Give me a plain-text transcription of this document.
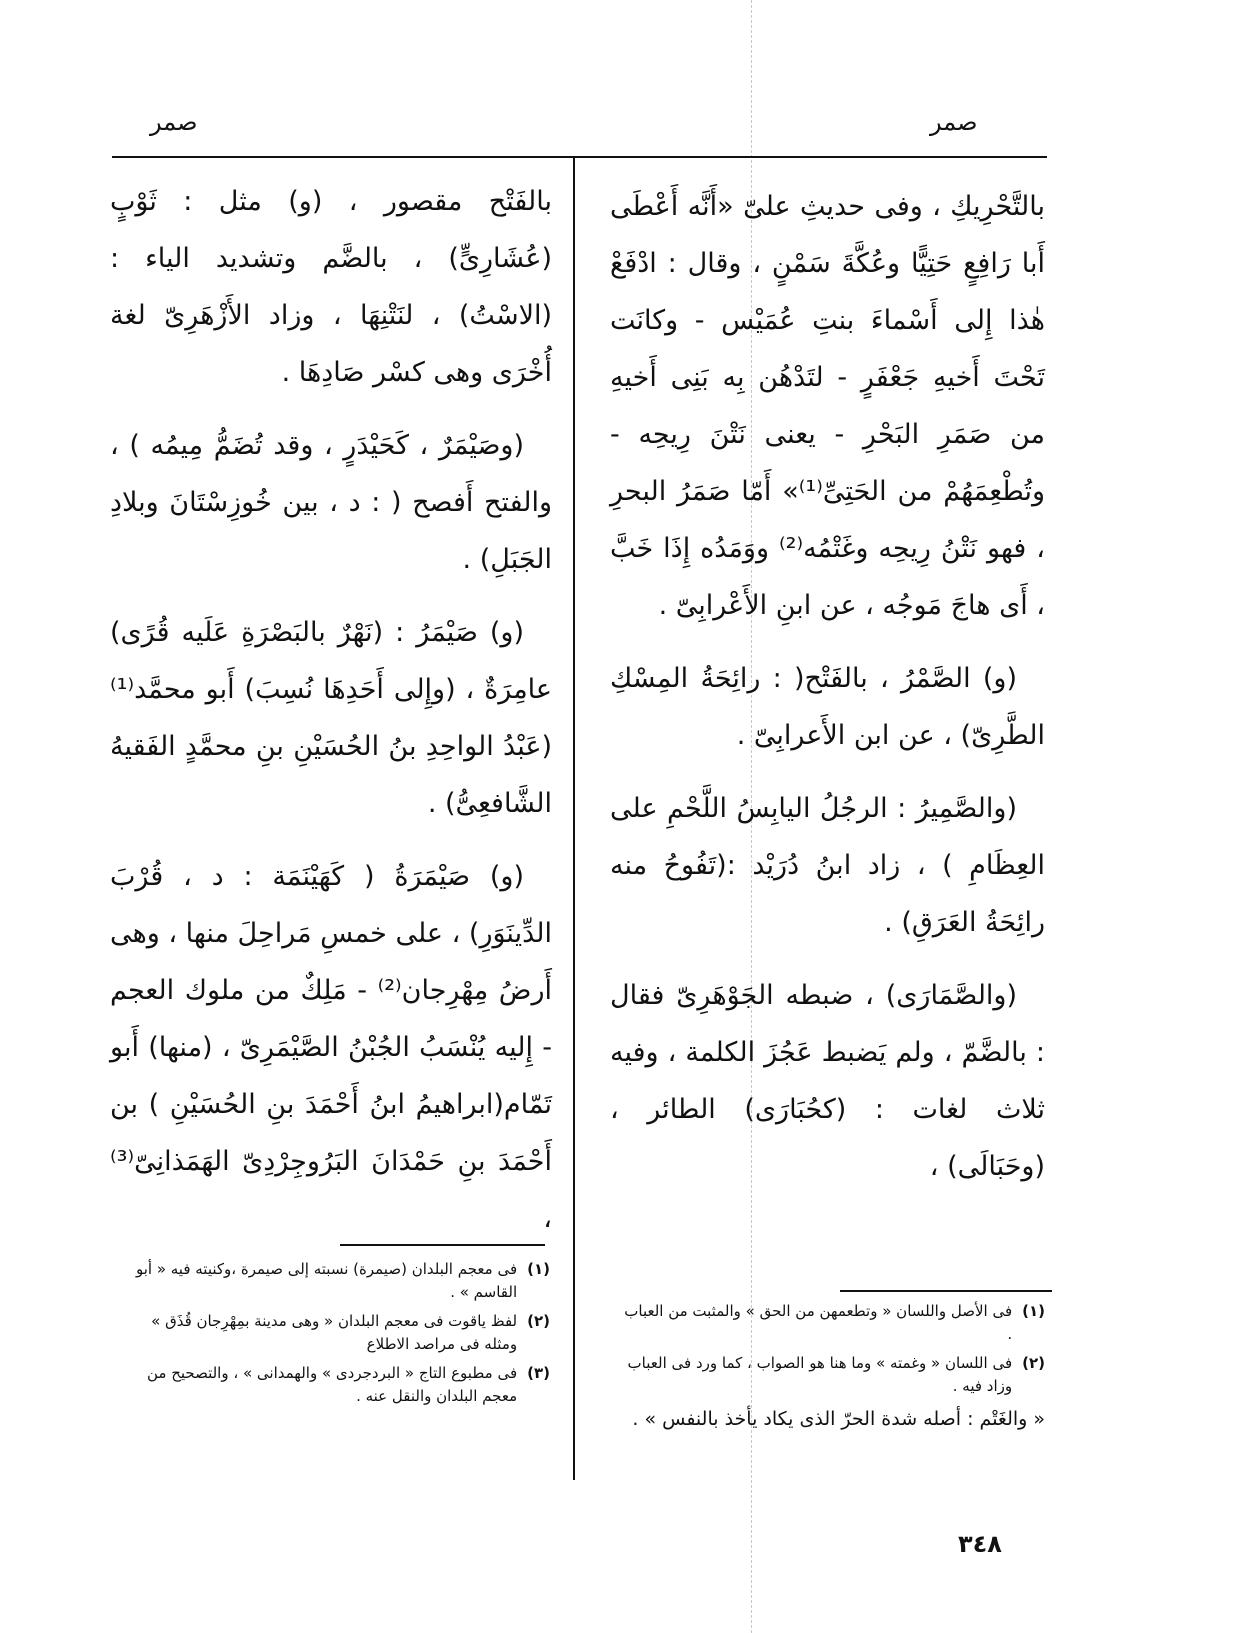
صمر
صمر

بالتَّحْرِيكِ ، وفى حديثِ علىّ «أَنَّه أَعْطَى أَبا رَافِعٍ حَتِيًّا وعُكَّةَ سَمْنٍ ، وقال : ادْفَعْ هٰذا إِلى أَسْماءَ بنتِ عُمَيْس - وكانَت تَحْتَ أَخيهِ جَعْفَرٍ - لتَدْهُن بِه بَنِى أَخيهِ من صَمَرِ البَحْرِ - يعنى نَتْنَ رِيحِه - وتُطْعِمَهُمْ من الحَتِىِّ⁽¹⁾» أَمّا صَمَرُ البحرِ ، فهو نَتْنُ رِيحِه وغَتْمُه⁽²⁾ ووَمَدُه إِذَا خَبَّ ، أَى هاجَ مَوجُه ، عن ابنِ الأَعْرابِىّ .

(و) الصَّمْرُ ، بالفَتْح( : رائِحَةُ المِسْكِ الطَّرِىّ) ، عن ابن الأَعرابِىّ .

(والصَّمِيرُ : الرجُلُ اليابِسُ اللَّحْمِ على العِظَامِ ) ، زاد ابنُ دُرَيْد :(تَفُوحُ منه رائِحَةُ العَرَقِ) .

(والصَّمَارَى) ، ضبطه الجَوْهَرِىّ فقال : بالضَّمّ ، ولم يَضبط عَجُزَ الكلمة ، وفيه ثلاث لغات : (كحُبَارَى) الطائر ، (وحَبَالَى) ،

بالفَتْح مقصور ، (و) مثل : ثَوْبٍ (عُشَارِىٍّ) ، بالضَّم وتشديد الياء : (الاسْتُ) ، لنَتْنِهَا ، وزاد الأَزْهَرِىّ لغة أُخْرَى وهى كسْر صَادِهَا .

(وصَيْمَرٌ ، كَحَيْدَرٍ ، وقد تُضَمُّ مِيمُه ) ، والفتح أَفصح ( : د ، بين خُوزِسْتَانَ وبلادِ الجَبَلِ) .

(و) صَيْمَرُ : (نَهْرٌ بالبَصْرَةِ عَلَيه قُرًى) عامِرَةٌ ، (وإِلى أَحَدِهَا نُسِبَ) أَبو محمَّد⁽¹⁾ (عَبْدُ الواحِدِ بنُ الحُسَيْنِ بنِ محمَّدٍ الفَقيهُ الشَّافعِىُّ) .

(و) صَيْمَرَةُ ( كَهَيْنَمَة : د ، قُرْبَ الدِّينَوَرِ) ، على خمسِ مَراحِلَ منها ، وهى أَرضُ مِهْرِجان⁽²⁾ - مَلِكٌ من ملوك العجم - إِليه يُنْسَبُ الجُبْنُ الصَّيْمَرِىّ ، (منها) أَبو تَمّام(ابراهيمُ ابنُ أَحْمَدَ بنِ الحُسَيْنِ ) بن أَحْمَدَ بنِ حَمْدَانَ البَرُوجِرْدِىّ الهَمَذانِىّ⁽³⁾ ،

(١)
فى الأصل واللسان « وتطعمهن من الحق » والمثبت من العباب .
(٢)
فى اللسان « وغمته » وما هنا هو الصواب ، كما ورد فى العباب وزاد فيه .

« والغَتْم : أصله شدة الحرّ الذى يكاد يأخذ بالنفس » .

(١)
فى معجم البلدان (صيمرة) نسبته إلى صيمرة ،وكنيته فيه « أبو القاسم » .
(٢)
لفظ ياقوت فى معجم البلدان « وهى مدينة بمِهْرِجان قُذَق » ومثله فى مراصد الاطلاع
(٣)
فى مطبوع التاج « البردجردى » والهمدانى » ، والتصحيح من معجم البلدان والنقل عنه .
٣٤٨
